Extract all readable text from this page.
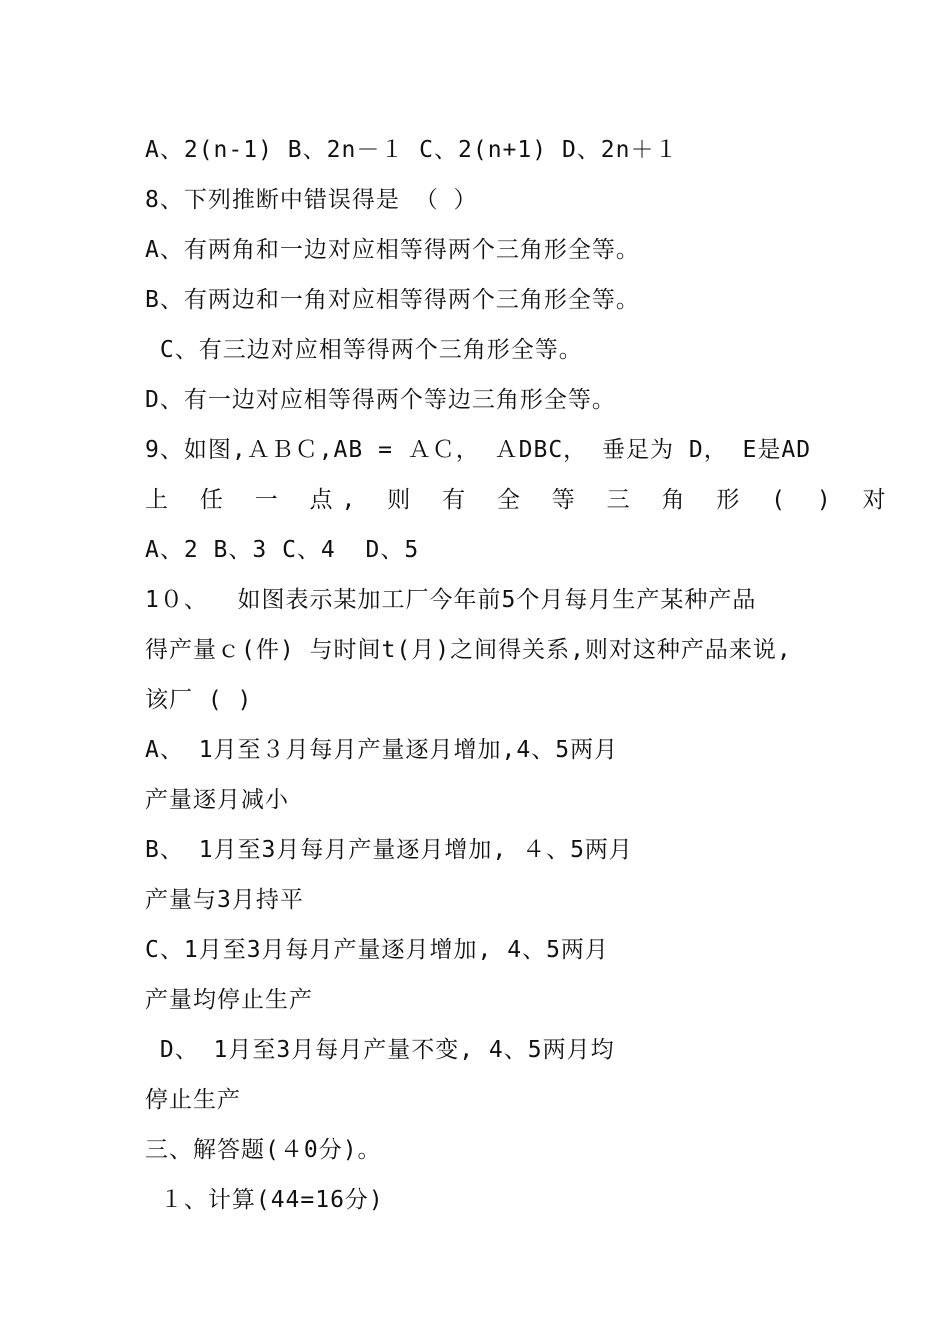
A、2(n-1) B、2n－１ C、2(n+1) D、2n＋１
8、下列推断中错误得是 （ ）
A、有两角和一边对应相等得两个三角形全等。
B、有两边和一角对应相等得两个三角形全等。
C、有三边对应相等得两个三角形全等。
D、有一边对应相等得两个等边三角形全等。
9、如图,ＡＢＣ,AB = ＡＣ， ＡDBC， 垂足为 D， E是AD
上 任 一 点, 则 有 全 等 三 角 形 ( ) 对
A、2 B、3 C、4  D、5
1０、  如图表示某加工厂今年前5个月每月生产某种产品
得产量ｃ(件) 与时间t(月)之间得关系,则对这种产品来说,
该厂 ( )
A、 1月至３月每月产量逐月增加,4、5两月
产量逐月减小
B、 1月至3月每月产量逐月增加, ４、5两月
产量与3月持平
C、1月至3月每月产量逐月增加, 4、5两月
产量均停止生产
D、 1月至3月每月产量不变, 4、5两月均
停止生产
三、解答题(４0分)。
１、计算(44=16分)
